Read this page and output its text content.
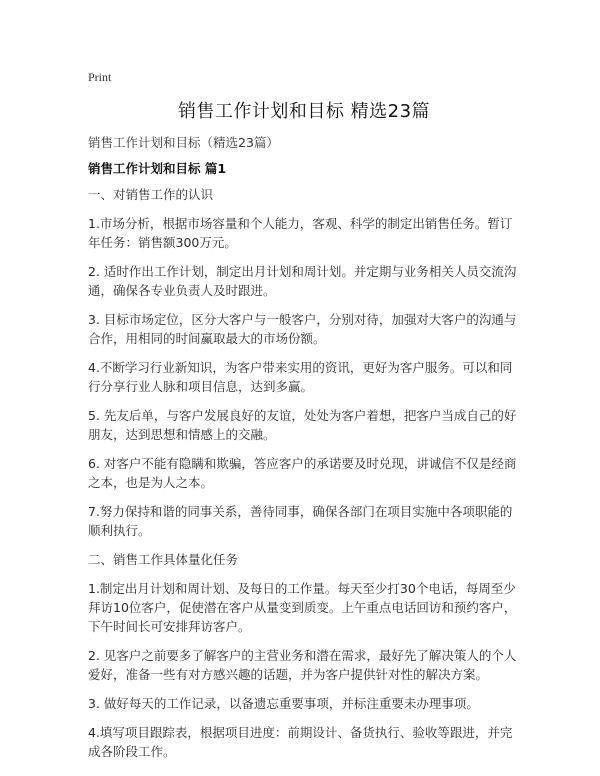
Print
销售工作计划和目标 精选23篇
销售工作计划和目标（精选23篇）
销售工作计划和目标 篇1

一、对销售工作的认识

1.市场分析，根据市场容量和个人能力，客观、科学的制定出销售任务。暂订年任务：销售额300万元。

2. 适时作出工作计划，制定出月计划和周计划。并定期与业务相关人员交流沟通，确保各专业负责人及时跟进。

3. 目标市场定位，区分大客户与一般客户，分别对待，加强对大客户的沟通与合作，用相同的时间赢取最大的市场份额。

4.不断学习行业新知识，为客户带来实用的资讯，更好为客户服务。可以和同行分享行业人脉和项目信息，达到多赢。

5. 先友后单，与客户发展良好的友谊，处处为客户着想，把客户当成自己的好朋友，达到思想和情感上的交融。

6. 对客户不能有隐瞒和欺骗，答应客户的承诺要及时兑现，讲诚信不仅是经商之本，也是为人之本。

7.努力保持和谐的同事关系，善待同事，确保各部门在项目实施中各项职能的顺利执行。

二、销售工作具体量化任务

1.制定出月计划和周计划、及每日的工作量。每天至少打30个电话，每周至少拜访10位客户，促使潜在客户从量变到质变。上午重点电话回访和预约客户，下午时间长可安排拜访客户。

2. 见客户之前要多了解客户的主营业务和潜在需求，最好先了解决策人的个人爱好，准备一些有对方感兴趣的话题，并为客户提供针对性的解决方案。

3. 做好每天的工作记录，以备遗忘重要事项，并标注重要未办理事项。

4.填写项目跟踪表，根据项目进度：前期设计、备货执行、验收等跟进，并完成各阶段工作。
